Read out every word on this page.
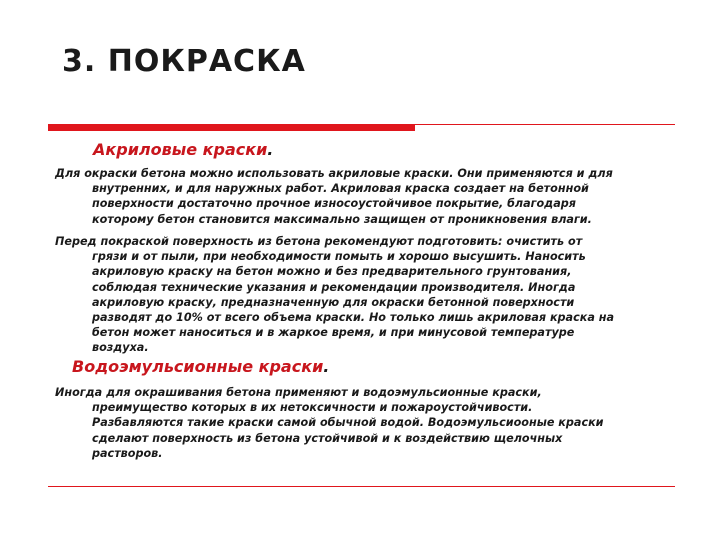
3. ПОКРАСКА
Акриловые краски.
Для окраски бетона можно использовать акриловые краски. Они применяются и для
внутренних, и для наружных работ. Акриловая краска создает на бетонной
поверхности достаточно прочное износоустойчивое покрытие, благодаря
которому бетон становится максимально защищен от проникновения влаги.
Перед покраской поверхность из бетона рекомендуют подготовить: очистить от
грязи и от пыли, при необходимости помыть и хорошо высушить. Наносить
акриловую краску на бетон можно и без предварительного грунтования,
соблюдая технические указания и рекомендации производителя. Иногда
акриловую краску, предназначенную для окраски бетонной поверхности
разводят до 10% от всего объема краски. Но только лишь акриловая краска на
бетон может наноситься и в жаркое время, и при минусовой температуре
воздуха.
Водоэмульсионные краски.
Иногда для окрашивания бетона применяют и водоэмульсионные краски,
преимущество которых в их нетоксичности и пожароустойчивости.
Разбавляются такие краски самой обычной водой. Водоэмульсиооные краски
сделают поверхность из бетона устойчивой и к воздействию щелочных
растворов.
